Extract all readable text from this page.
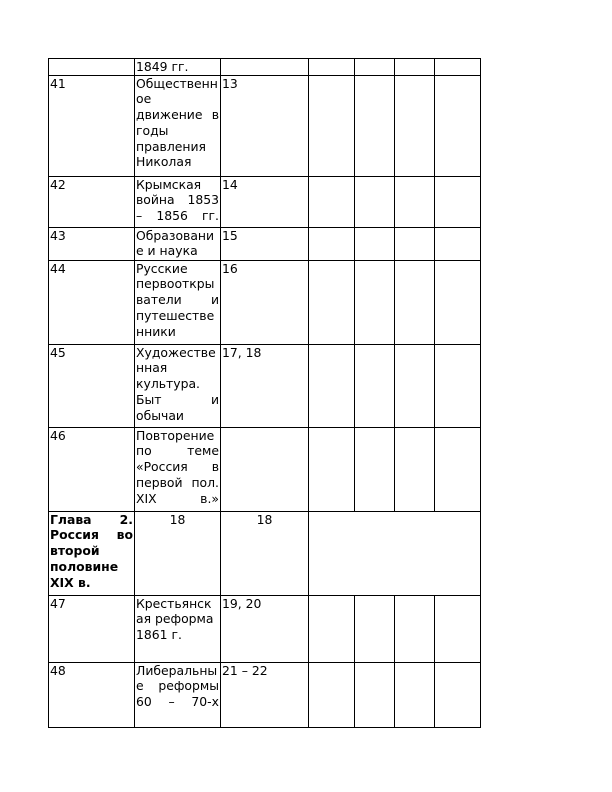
	1849 гг.					
41	Общественное движение в годы правления Николая	13				
42	Крымская война 1853 – 1856 гг.	14				
43	Образование и наука	15				
44	Русские первооткрыватели и путешественники	16				
45	Художественная культура. Быт и обычаи	17, 18				
46	Повторение по теме «Россия в первой пол. XIX в.»					
Глава 2. Россия во второй половине XIX в.	18	18				
47	Крестьянская реформа 1861 г.	19, 20				
48	Либеральные реформы 60 – 70-х	21 – 22				
